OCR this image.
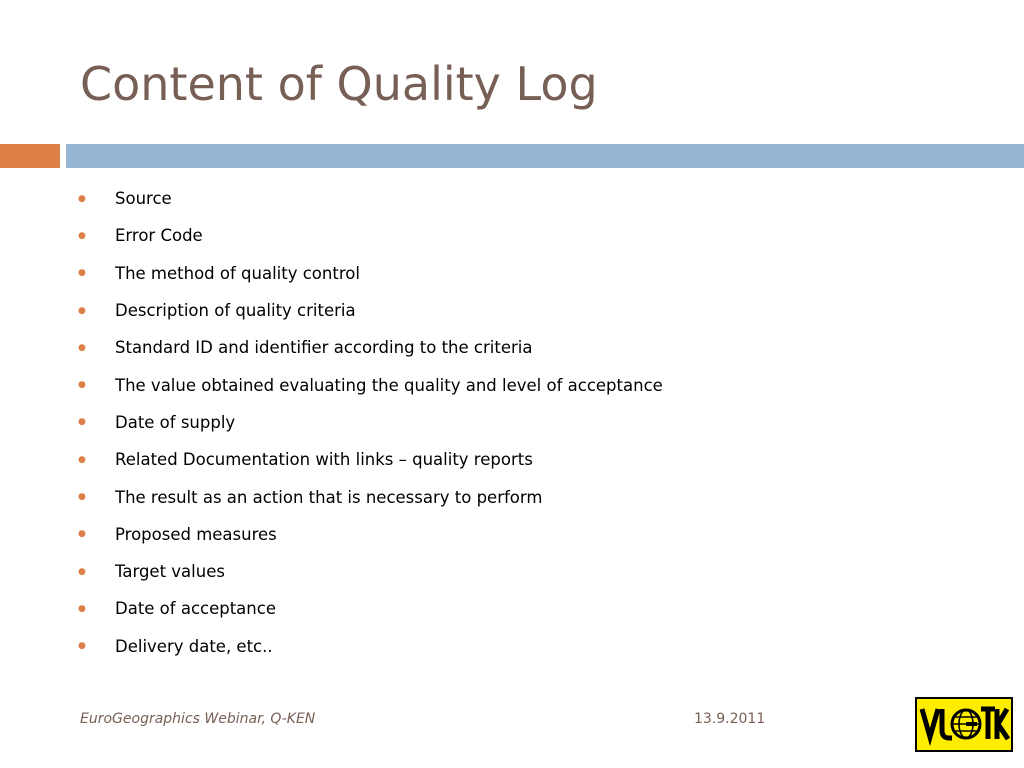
Content of Quality Log
●	Source
●	Error Code
●	The method of quality control
●	Description of quality criteria
●	Standard ID and identifier according to the criteria
●	The value obtained evaluating the quality and level of acceptance
●	Date of supply
●	Related Documentation with links – quality reports
●	The result as an action that is necessary to perform
●	Proposed measures
●	Target values
●	Date of acceptance
●	Delivery date, etc..
EuroGeographics Webinar, Q-KEN	13.9.2011
